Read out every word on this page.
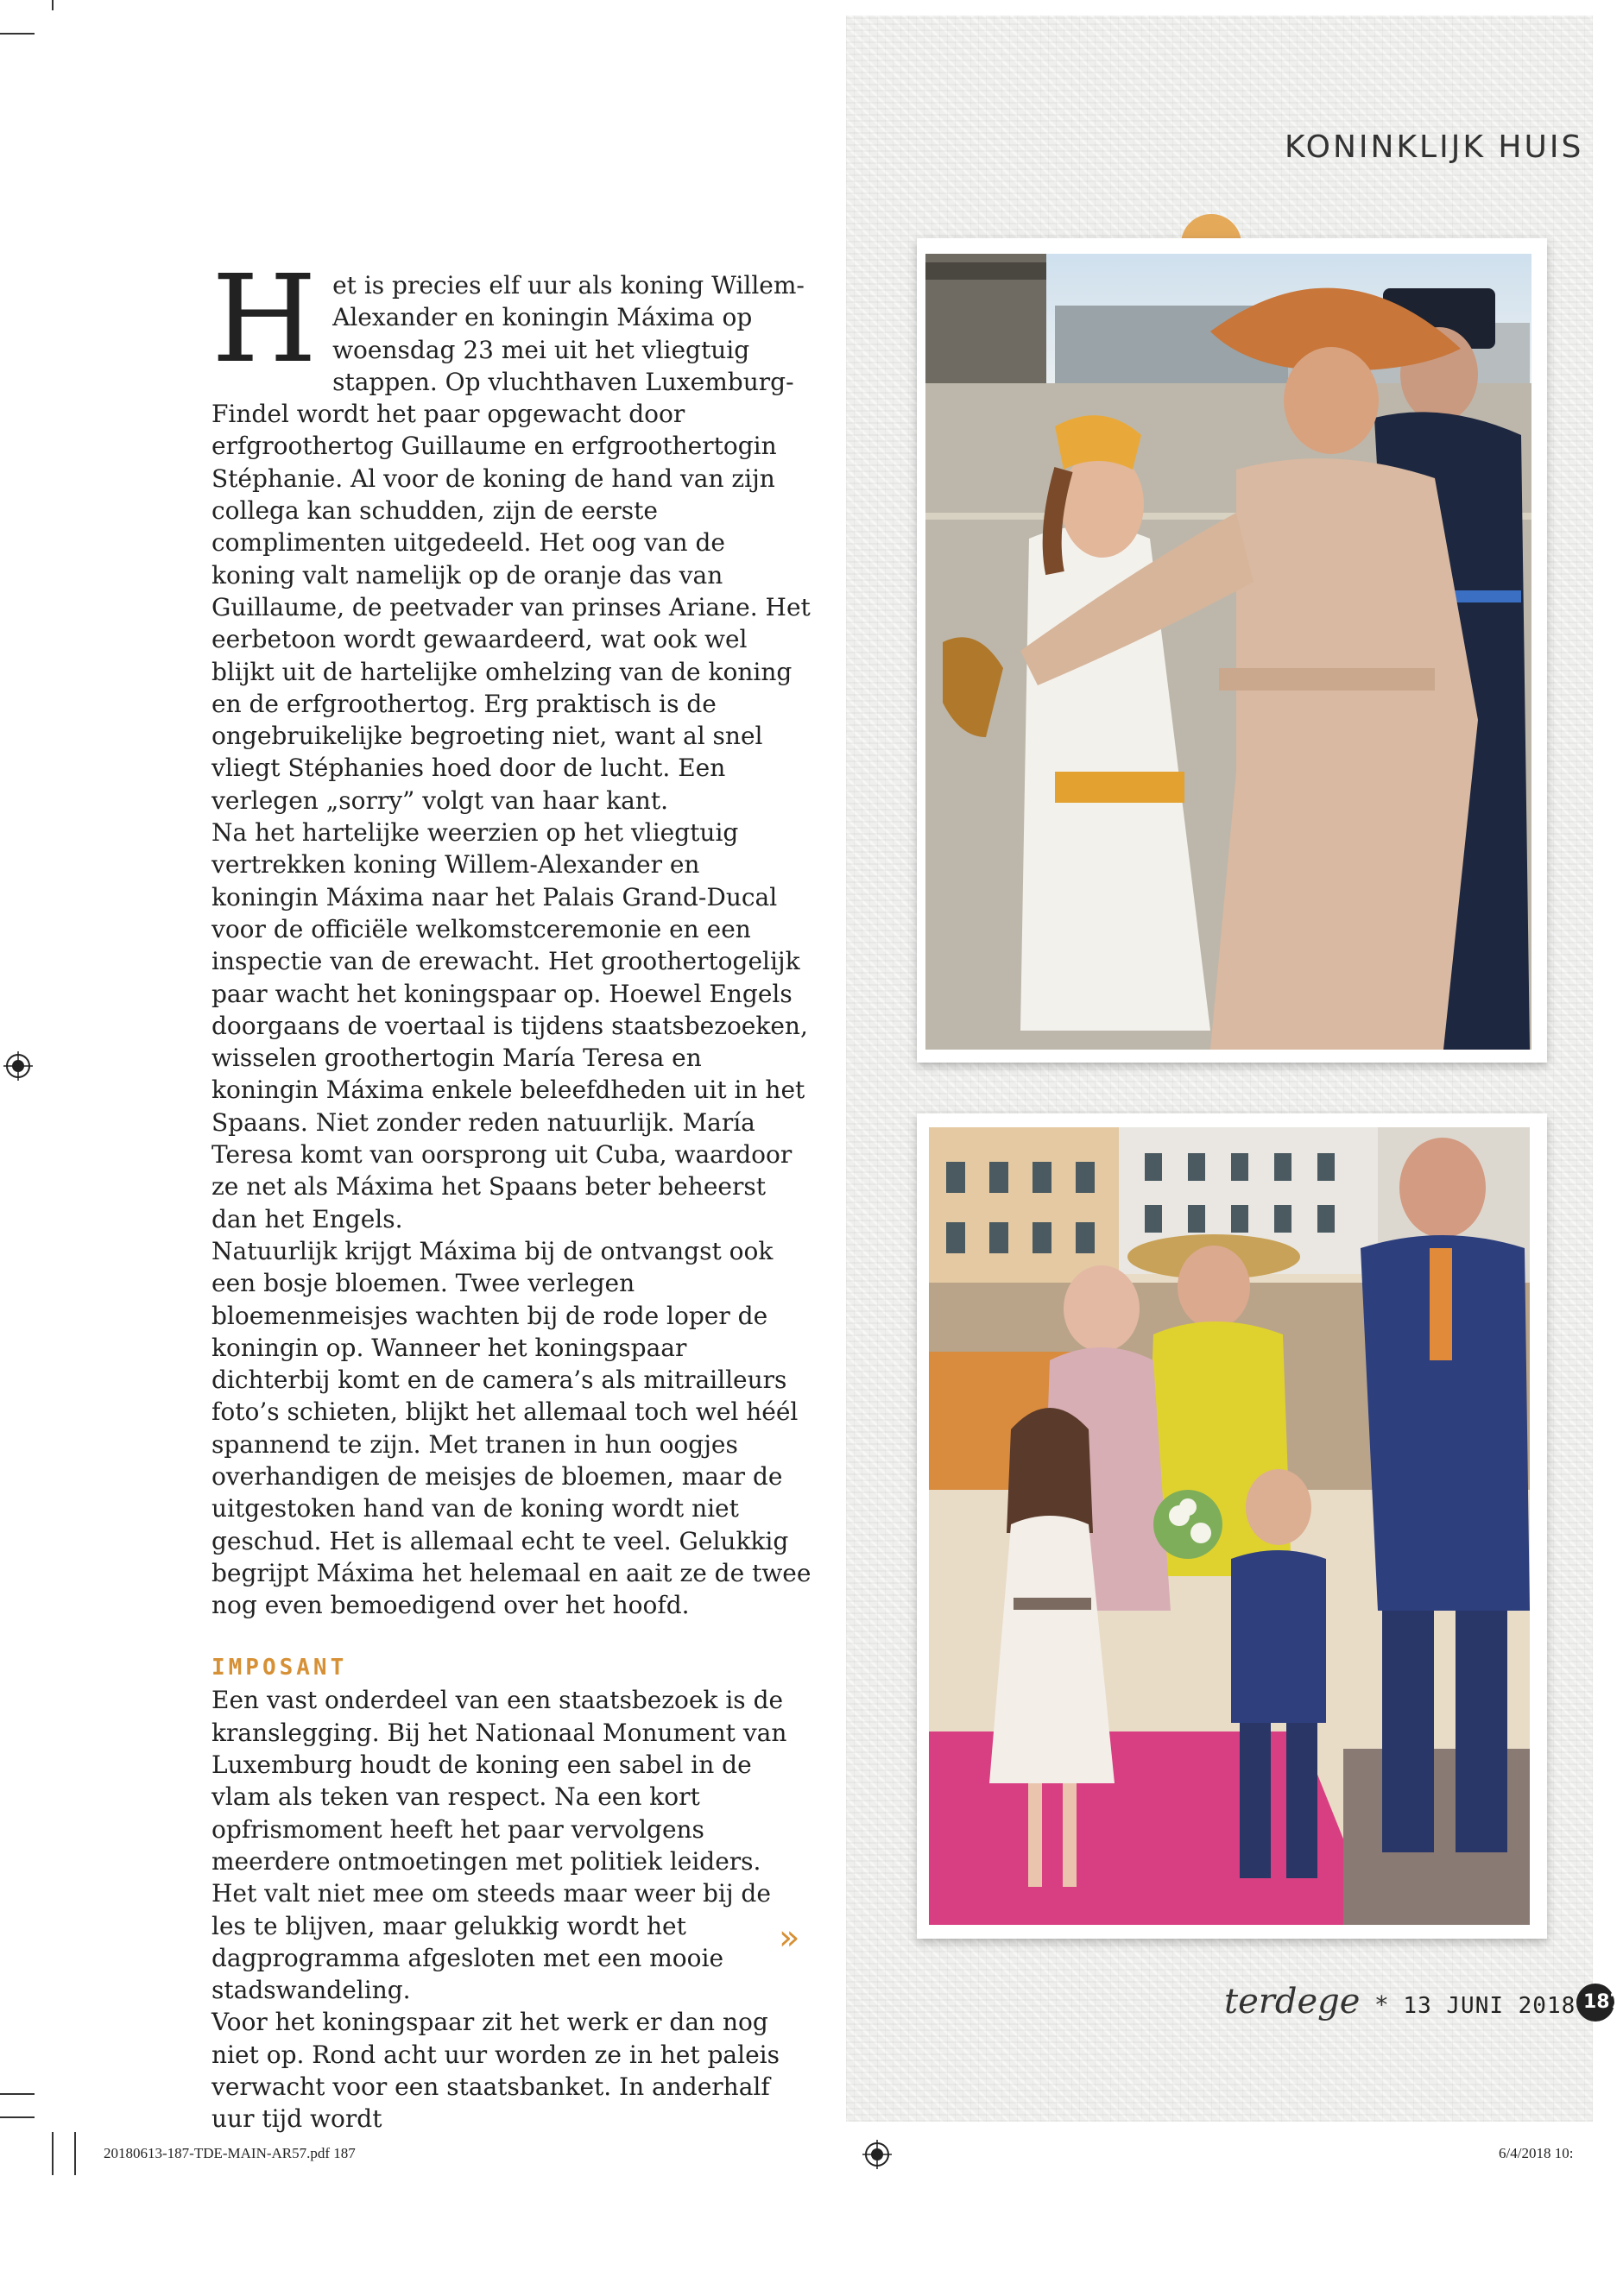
KONINKLIJK HUIS
H et is precies elf uur als koning Willem-Alexander en koningin Máxima op woensdag 23 mei uit het vliegtuig stappen. Op vluchthaven Luxemburg-Findel wordt het paar opgewacht door erfgroothertog Guillaume en erfgroothertogin Stéphanie. Al voor de koning de hand van zijn collega kan schudden, zijn de eerste complimenten uitgedeeld. Het oog van de koning valt namelijk op de oranje das van Guillaume, de peetvader van prinses Ariane. Het eerbetoon wordt gewaardeerd, wat ook wel blijkt uit de hartelijke omhelzing van de koning en de erfgroothertog. Erg praktisch is de ongebruikelijke begroeting niet, want al snel vliegt Stéphanies hoed door de lucht. Een verlegen „sorry” volgt van haar kant.

Na het hartelijke weerzien op het vliegtuig vertrekken koning Willem-Alexander en koningin Máxima naar het Palais Grand-Ducal voor de officiële welkomstceremonie en een inspectie van de erewacht. Het groothertogelijk paar wacht het koningspaar op. Hoewel Engels doorgaans de voertaal is tijdens staatsbezoeken, wisselen groothertogin María Teresa en koningin Máxima enkele beleefdheden uit in het Spaans. Niet zonder reden natuurlijk. María Teresa komt van oorsprong uit Cuba, waardoor ze net als Máxima het Spaans beter beheerst dan het Engels.

Natuurlijk krijgt Máxima bij de ontvangst ook een bosje bloemen. Twee verlegen bloemenmeisjes wachten bij de rode loper de koningin op. Wanneer het koningspaar dichterbij komt en de camera’s als mitrailleurs foto’s schieten, blijkt het allemaal toch wel héél spannend te zijn. Met tranen in hun oogjes overhandigen de meisjes de bloemen, maar de uitgestoken hand van de koning wordt niet geschud. Het is allemaal echt te veel. Gelukkig begrijpt Máxima het helemaal en aait ze de twee nog even bemoedigend over het hoofd.

IMPOSANT

Een vast onderdeel van een staatsbezoek is de kranslegging. Bij het Nationaal Monument van Luxemburg houdt de koning een sabel in de vlam als teken van respect. Na een kort opfrismoment heeft het paar vervolgens meerdere ontmoetingen met politiek leiders. Het valt niet mee om steeds maar weer bij de les te blijven, maar gelukkig wordt het dagprogramma afgesloten met een mooie stadswandeling.

Voor het koningspaar zit het werk er dan nog niet op. Rond acht uur worden ze in het paleis verwacht voor een staatsbanket. In anderhalf uur tijd wordt

»
terdege * 13 JUNI 2018 187
20180613-187-TDE-MAIN-AR57.pdf 187	6/4/2018 10:
